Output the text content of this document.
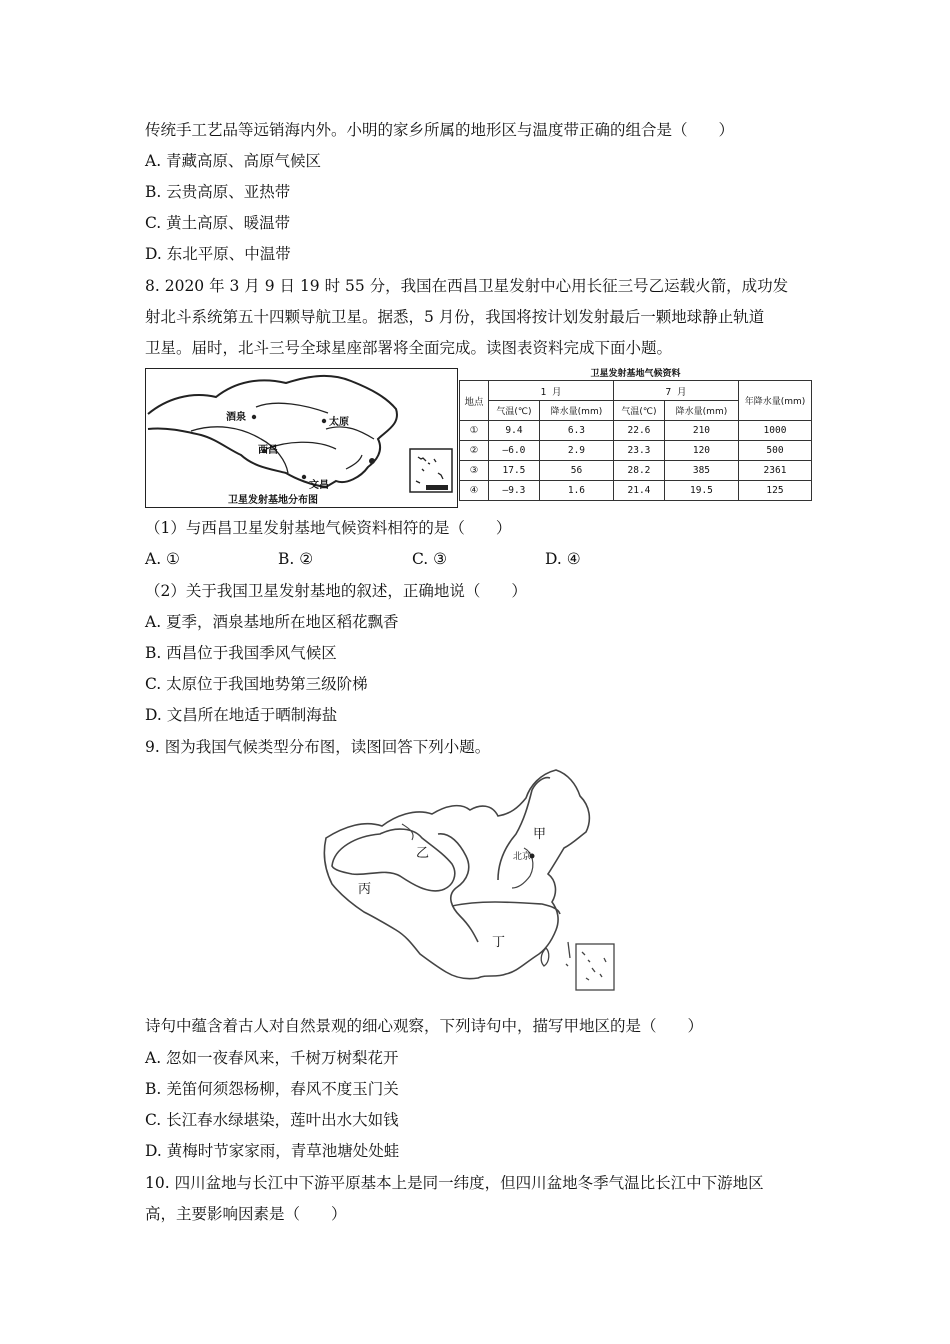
传统手工艺品等远销海内外。小明的家乡所属的地形区与温度带正确的组合是（　　）
A. 青藏高原、高原气候区
B. 云贵高原、亚热带
C. 黄土高原、暖温带
D. 东北平原、中温带
8. 2020 年 3 月 9 日 19 时 55 分，我国在西昌卫星发射中心用长征三号乙运载火箭，成功发
射北斗系统第五十四颗导航卫星。据悉，5 月份，我国将按计划发射最后一颗地球静止轨道
卫星。届时，北斗三号全球星座部署将全面完成。读图表资料完成下面小题。
酒泉	太原
西昌
文昌
卫星发射基地分布图
卫星发射基地气候资料
地点	1 月		7 月		年降水量(mm)
	气温(℃)	降水量(mm)	气温(℃)	降水量(mm)	
①	9.4	6.3	22.6	210	1000
②	—6.0	2.9	23.3	120	500
③	17.5	56	28.2	385	2361
④	—9.3	1.6	21.4	19.5	125
（1）与西昌卫星发射基地气候资料相符的是（　　）
A. ①	B. ②	C. ③	D. ④
（2）关于我国卫星发射基地的叙述，正确地说（　　）
A. 夏季，酒泉基地所在地区稻花飘香
B. 西昌位于我国季风气候区
C. 太原位于我国地势第三级阶梯
D. 文昌所在地适于晒制海盐
9. 图为我国气候类型分布图，读图回答下列小题。
甲
乙
丙
丁
北京
诗句中蕴含着古人对自然景观的细心观察，下列诗句中，描写甲地区的是（　　）
A. 忽如一夜春风来，千树万树梨花开
B. 羌笛何须怨杨柳，春风不度玉门关
C. 长江春水绿堪染，莲叶出水大如钱
D. 黄梅时节家家雨，青草池塘处处蛙
10. 四川盆地与长江中下游平原基本上是同一纬度，但四川盆地冬季气温比长江中下游地区
高，主要影响因素是（　　）
